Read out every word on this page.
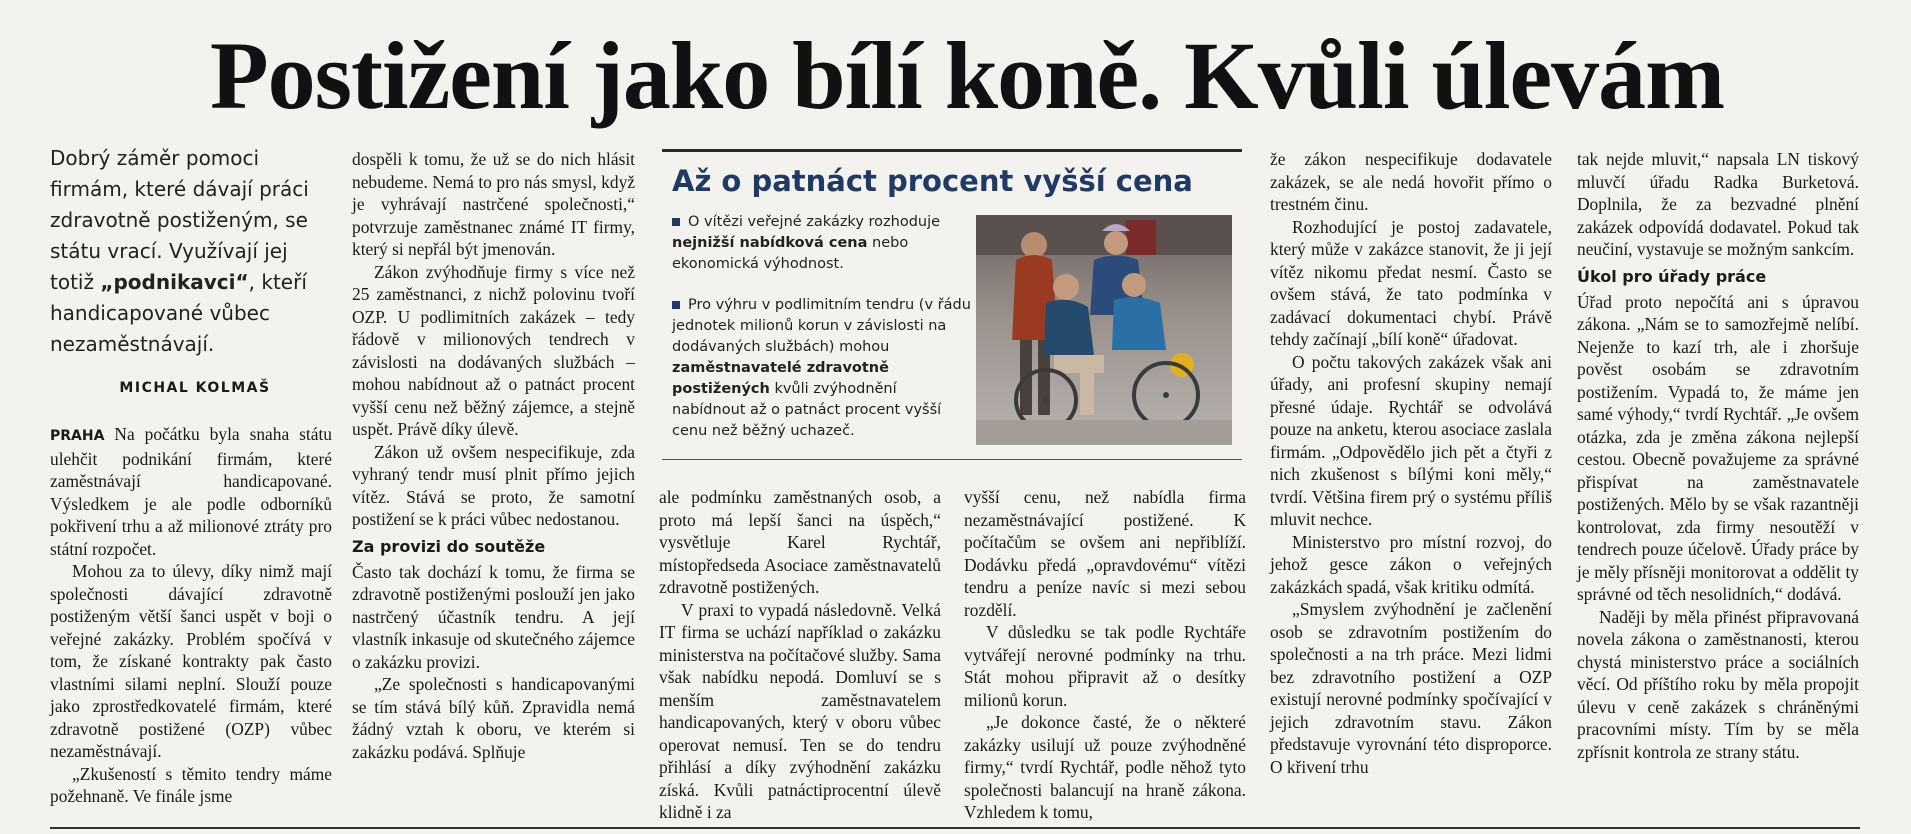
Postižení jako bílí koně. Kvůli úlevám

Dobrý záměr pomoci firmám, které dávají práci zdravotně postiženým, se státu vrací. Využívají jej totiž „podnikavci“, kteří handicapované vůbec nezaměstnávají.

MICHAL KOLMAŠ

PRAHA Na počátku byla snaha státu ulehčit podnikání firmám, které zaměstnávají handicapované. Výsledkem je ale podle odborníků pokřivení trhu a až milionové ztráty pro státní rozpočet.

Mohou za to úlevy, díky nimž mají společnosti dávající zdravotně postiženým větší šanci uspět v boji o veřejné zakázky. Problém spočívá v tom, že získané kontrakty pak často vlastními silami neplní. Slouží pouze jako zprostředkovatelé firmám, které zdravotně postižené (OZP) vůbec nezaměstnávají.

„Zkušeností s těmito tendry máme požehnaně. Ve finále jsme

dospěli k tomu, že už se do nich hlásit nebudeme. Nemá to pro nás smysl, když je vyhrávají nastrčené společnosti,“ potvrzuje zaměstnanec známé IT firmy, který si nepřál být jmenován.

Zákon zvýhodňuje firmy s více než 25 zaměstnanci, z nichž polovinu tvoří OZP. U podlimitních zakázek – tedy řádově v milionových tendrech v závislosti na dodávaných službách – mohou nabídnout až o patnáct procent vyšší cenu než běžný zájemce, a stejně uspět. Právě díky úlevě.

Zákon už ovšem nespecifikuje, zda vyhraný tendr musí plnit přímo jejich vítěz. Stává se proto, že samotní postižení se k práci vůbec nedostanou.

Za provizi do soutěže

Často tak dochází k tomu, že firma se zdravotně postiženými poslouží jen jako nastrčený účastník tendru. A její vlastník inkasuje od skutečného zájemce o zakázku provizi.

„Ze společnosti s handicapovanými se tím stává bílý kůň. Zpravidla nemá žádný vztah k oboru, ve kterém si zakázku podává. Splňuje

Až o patnáct procent vyšší cena
O vítězi veřejné zakázky rozhoduje nejnižší nabídková cena nebo ekonomická výhodnost.
Pro výhru v podlimitním tendru (v řádu jednotek milionů korun v závislosti na dodávaných službách) mohou zaměstnavatelé zdravotně postižených kvůli zvýhodnění nabídnout až o patnáct procent vyšší cenu než běžný uchazeč.

ale podmínku zaměstnaných osob, a proto má lepší šanci na úspěch,“ vysvětluje Karel Rychtář, místopředseda Asociace zaměstnavatelů zdravotně postižených.

V praxi to vypadá následovně. Velká IT firma se uchází například o zakázku ministerstva na počítačové služby. Sama však nabídku nepodá. Domluví se s menším zaměstnavatelem handicapovaných, který v oboru vůbec operovat nemusí. Ten se do tendru přihlásí a díky zvýhodnění zakázku získá. Kvůli patnáctiprocentní úlevě klidně i za

vyšší cenu, než nabídla firma nezaměstnávající postižené. K počítačům se ovšem ani nepřiblíží. Dodávku předá „opravdovému“ vítězi tendru a peníze navíc si mezi sebou rozdělí.

V důsledku se tak podle Rychtáře vytvářejí nerovné podmínky na trhu. Stát mohou připravit až o desítky milionů korun.

„Je dokonce časté, že o některé zakázky usilují už pouze zvýhodněné firmy,“ tvrdí Rychtář, podle něhož tyto společnosti balancují na hraně zákona. Vzhledem k tomu,

že zákon nespecifikuje dodavatele zakázek, se ale nedá hovořit přímo o trestném činu.

Rozhodující je postoj zadavatele, který může v zakázce stanovit, že ji její vítěz nikomu předat nesmí. Často se ovšem stává, že tato podmínka v zadávací dokumentaci chybí. Právě tehdy začínají „bílí koně“ úřadovat.

O počtu takových zakázek však ani úřady, ani profesní skupiny nemají přesné údaje. Rychtář se odvolává pouze na anketu, kterou asociace zaslala firmám. „Odpovědělo jich pět a čtyři z nich zkušenost s bílými koni měly,“ tvrdí. Většina firem prý o systému příliš mluvit nechce.

Ministerstvo pro místní rozvoj, do jehož gesce zákon o veřejných zakázkách spadá, však kritiku odmítá.

„Smyslem zvýhodnění je začlenění osob se zdravotním postižením do společnosti a na trh práce. Mezi lidmi bez zdravotního postižení a OZP existují nerovné podmínky spočívající v jejich zdravotním stavu. Zákon představuje vyrovnání této disproporce. O křivení trhu

tak nejde mluvit,“ napsala LN tiskový mluvčí úřadu Radka Burketová. Doplnila, že za bezvadné plnění zakázek odpovídá dodavatel. Pokud tak neučiní, vystavuje se možným sankcím.

Úkol pro úřady práce

Úřad proto nepočítá ani s úpravou zákona. „Nám se to samozřejmě nelíbí. Nejenže to kazí trh, ale i zhoršuje pověst osobám se zdravotním postižením. Vypadá to, že máme jen samé výhody,“ tvrdí Rychtář. „Je ovšem otázka, zda je změna zákona nejlepší cestou. Obecně považujeme za správné přispívat na zaměstnavatele postižených. Mělo by se však razantněji kontrolovat, zda firmy nesoutěží v tendrech pouze účelově. Úřady práce by je měly přísněji monitorovat a oddělit ty správné od těch nesolidních,“ dodává.

Naději by měla přinést připravovaná novela zákona o zaměstnanosti, kterou chystá ministerstvo práce a sociálních věcí. Od příštího roku by měla propojit úlevu v ceně zakázek s chráněnými pracovními místy. Tím by se měla zpřísnit kontrola ze strany státu.
